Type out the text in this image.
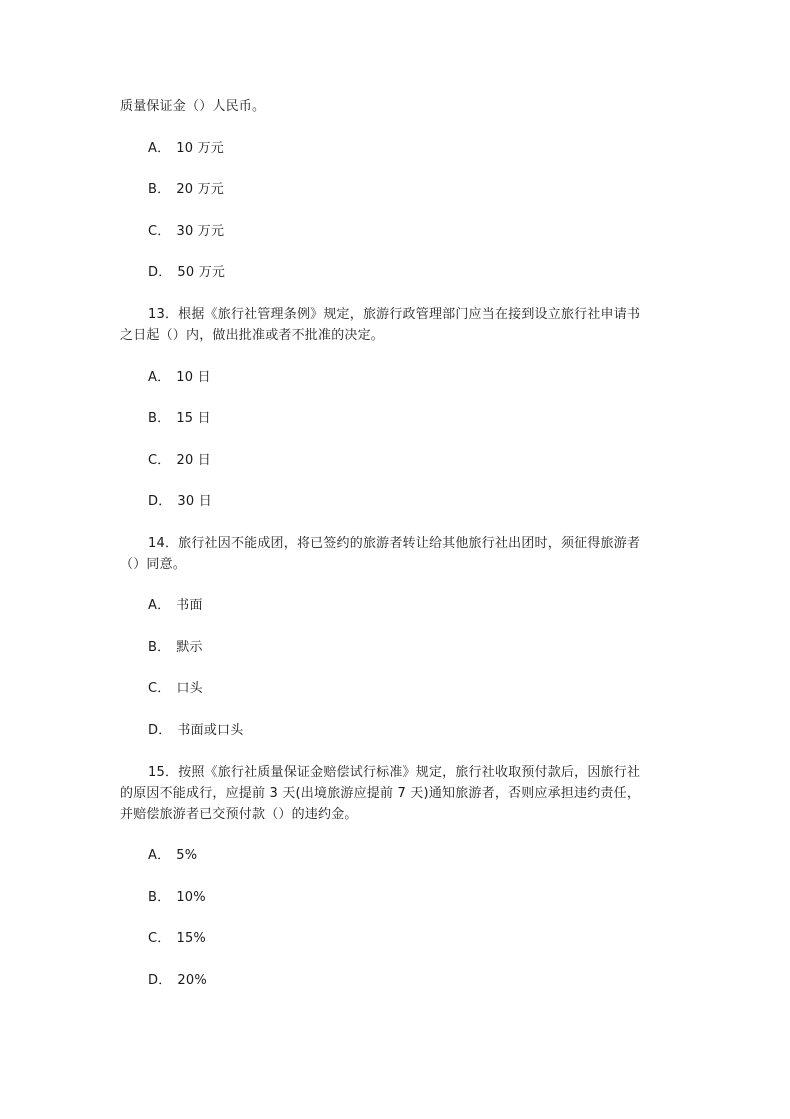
质量保证金（）人民币。
A． 10 万元
B． 20 万元
C． 30 万元
D． 50 万元
13．根据《旅行社管理条例》规定，旅游行政管理部门应当在接到设立旅行社申请书
之日起（）内，做出批准或者不批准的决定。
A． 10 日
B． 15 日
C． 20 日
D． 30 日
14．旅行社因不能成团，将已签约的旅游者转让给其他旅行社出团时，须征得旅游者
（）同意。
A． 书面
B． 默示
C． 口头
D． 书面或口头
15．按照《旅行社质量保证金赔偿试行标准》规定，旅行社收取预付款后，因旅行社
的原因不能成行，应提前 3 天(出境旅游应提前 7 天)通知旅游者，否则应承担违约责任，
并赔偿旅游者已交预付款（）的违约金。
A． 5%
B． 10%
C． 15%
D． 20%
